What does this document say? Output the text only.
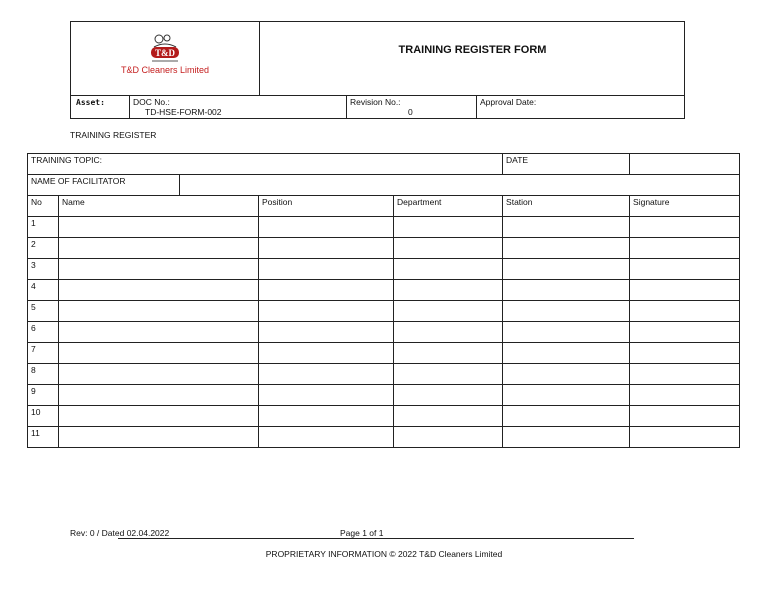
T&D
T&D Cleaners Limited
TRAINING REGISTER FORM
Asset:	DOC No.:
TD-HSE-FORM-002
Revision No.:
0
Approval Date:
TRAINING REGISTER
TRAINING TOPIC:					DATE	
NAME OF FACILITATOR						
No	Name		Position	Department	Station	Signature
1						
2						
3						
4						
5						
6						
7						
8						
9						
10						
11						
Rev: 0 / Dated 02.04.2022	Page 1 of 1
PROPRIETARY INFORMATION © 2022 T&D Cleaners Limited
